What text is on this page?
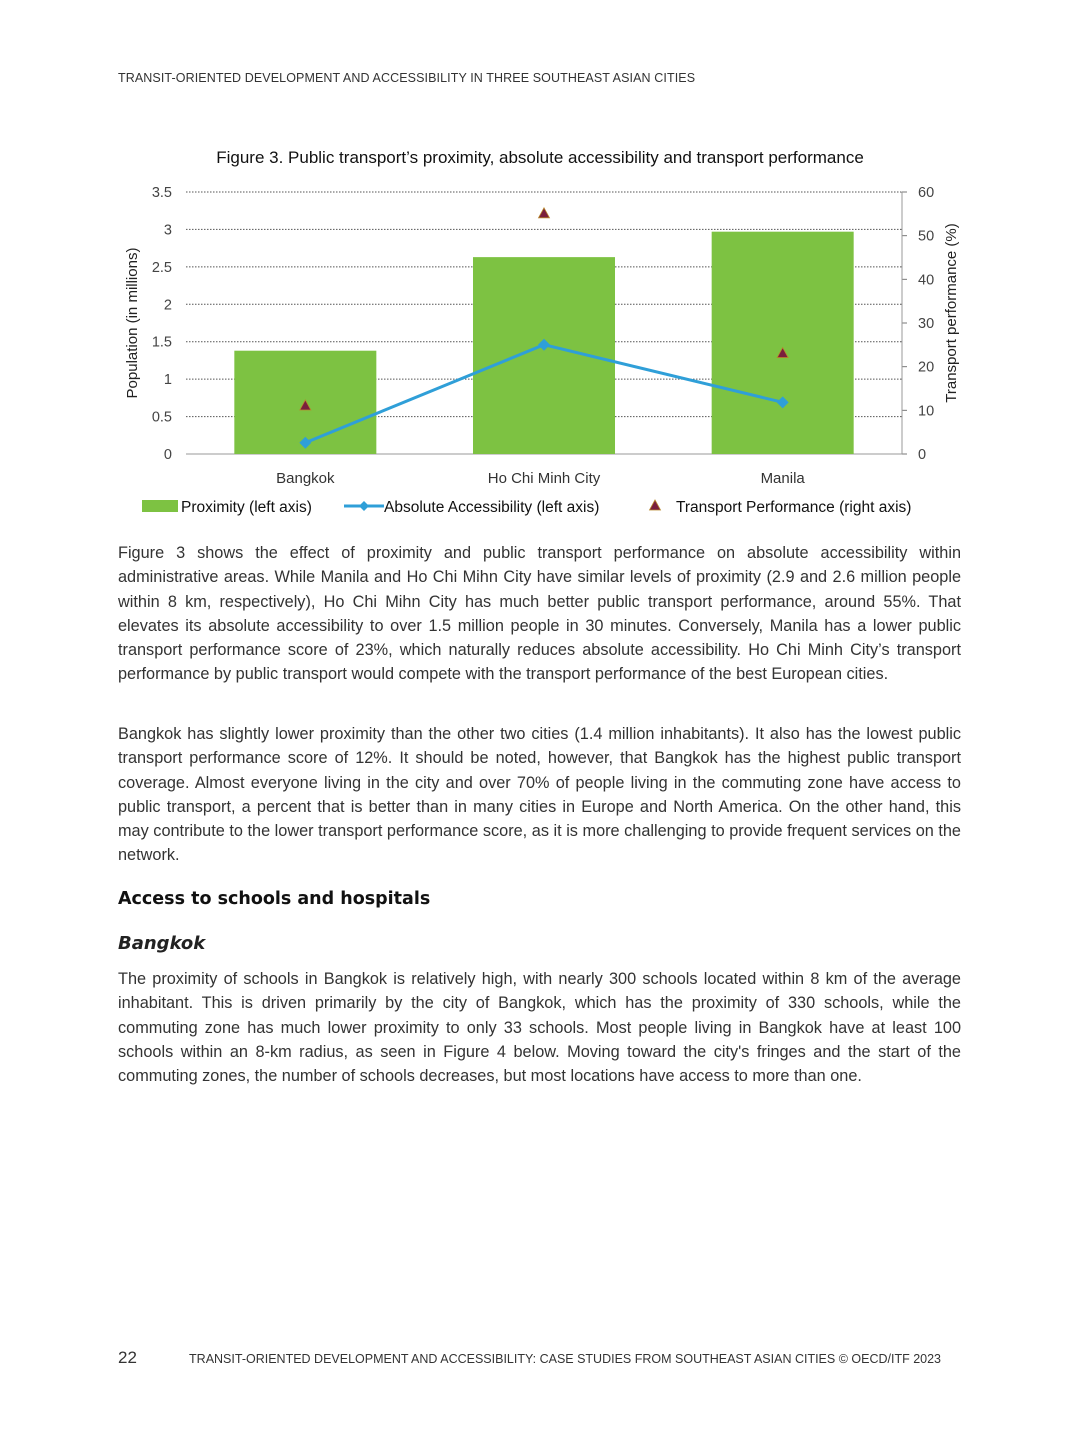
TRANSIT-ORIENTED DEVELOPMENT AND ACCESSIBILITY IN THREE SOUTHEAST ASIAN CITIES
Figure 3. Public transport’s proximity, absolute accessibility and transport performance
0
0.5
1
1.5
2
2.5
3
3.5
0
10
20
30
40
50
60
Population (in millions)	Transport performance (%)
Bangkok	Ho Chi Minh City	Manila
Proximity (left axis)	Absolute Accessibility (left axis)	Transport Performance (right axis)

Figure 3 shows the effect of proximity and public transport performance on absolute accessibility within administrative areas. While Manila and Ho Chi Mihn City have similar levels of proximity (2.9 and 2.6 million people within 8 km, respectively), Ho Chi Mihn City has much better public transport performance, around 55%. That elevates its absolute accessibility to over 1.5 million people in 30 minutes. Conversely, Manila has a lower public transport performance score of 23%, which naturally reduces absolute accessibility. Ho Chi Minh City’s transport performance by public transport would compete with the transport performance of the best European cities.

Bangkok has slightly lower proximity than the other two cities (1.4 million inhabitants). It also has the lowest public transport performance score of 12%. It should be noted, however, that Bangkok has the highest public transport coverage. Almost everyone living in the city and over 70% of people living in the commuting zone have access to public transport, a percent that is better than in many cities in Europe and North America. On the other hand, this may contribute to the lower transport performance score, as it is more challenging to provide frequent services on the network.

Access to schools and hospitals
Bangkok

The proximity of schools in Bangkok is relatively high, with nearly 300 schools located within 8 km of the average inhabitant. This is driven primarily by the city of Bangkok, which has the proximity of 330 schools, while the commuting zone has much lower proximity to only 33 schools. Most people living in Bangkok have at least 100 schools within an 8-km radius, as seen in Figure 4 below. Moving toward the city's fringes and the start of the commuting zones, the number of schools decreases, but most locations have access to more than one.

22	TRANSIT-ORIENTED DEVELOPMENT AND ACCESSIBILITY: CASE STUDIES FROM SOUTHEAST ASIAN CITIES © OECD/ITF 2023
